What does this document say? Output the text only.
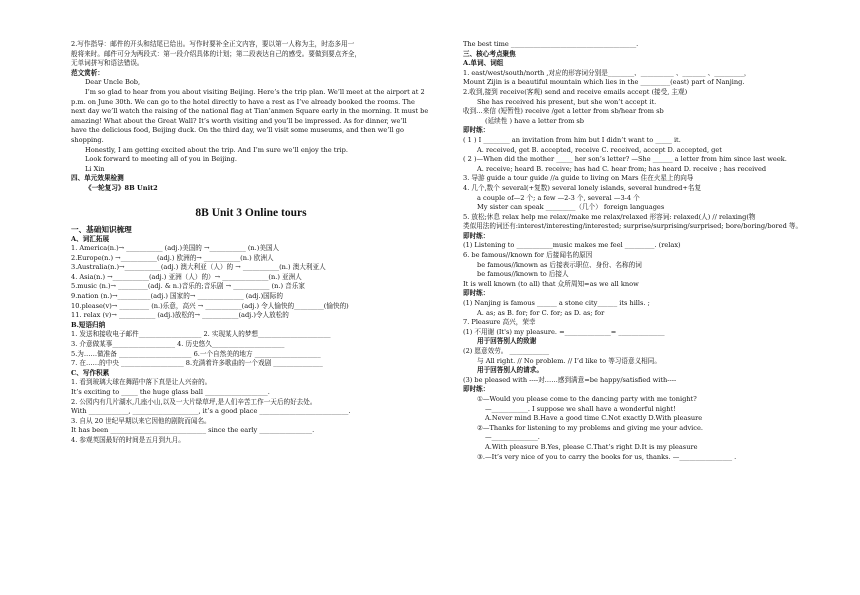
2.写作指导：邮件的开头和结尾已给出。写作时要补全正文内容，要以第一人称为主，时态多用一

般将来时。邮件可分为两段式：第一段介绍具体的计划；第二段表达自己的感受。要做到要点齐全，

无单词拼写和语法错误。

范文赏析：

Dear Uncle Bob,

I’m so glad to hear from you about visiting Beijing. Here’s the trip plan. We’ll meet at the airport at 2

p.m. on June 30th. We can go to the hotel directly to have a rest as I’ve already booked the rooms. The

next day we’ll watch the raising of the national flag at Tian’anmen Square early in the morning. It must be

amazing! What about the Great Wall? It’s worth visiting and you’ll be impressed. As for dinner, we’ll

have the delicious food, Beijing duck. On the third day, we’ll visit some museums, and then we’ll go

shopping.

Honestly, I am getting excited about the trip. And I’m sure we’ll enjoy the trip.

Look forward to meeting all of you in Beijing.

Li Xin

四、单元效果检测

《一轮复习》8B Unit2

8B Unit 3 Online tours

一、基础知识梳理

A、词汇拓展

1. America(n.)→ ___________ (adj.)美国的 →___________ (n.)美国人

2.Europe(n.) →___________(adj.) 欧洲的→ ___________(n.) 欧洲人

3.Australia(n.)→___________(adj.) 澳大利亚（人）的 → ___________(n.) 澳大利亚人

4. Asia(n.) →___________(adj.) 亚洲（人）的）→ ______________(n.) 亚洲人

5.music (n.)→ _________(adj. & n.)音乐的;音乐剧 → ___________ (n.) 音乐家

9.nation (n.)→__________(adj.) 国家的→ ______________ (adj.)国际的

10.please(v)→ _________ (n.)乐意，高兴 → ___________(adj.) 令人愉快的_________(愉快的)

11. relax (v)→ ___________ (adj.)放松的→ ___________(adj.)令人放松的

B.短语归纳

1. 发送和接收电子邮件___________________ 2. 实现某人的梦想______________________

3. 介意做某事___________________ 4. 历史悠久______________________

5.为……做准备 ______________________ 6.一个自然美的地方 ____________________

7. 在……的中央 ___________________ 8.充满着许多歌曲的一个戏剧 _______________

C、写作积累

1. 看到玻璃大球在舞蹈中落下真是让人兴奋的。

It’s exciting to _____ the huge glass ball ___________________.

2. 公园内有几片湖水,几座小山,以及一大片绿草坪,是人们辛苦工作一天后的好去处。

With ____________, ____________________, it’s a good place ___________________________.

3. 自从 20 世纪早期以来它因他的剧院而闻名。

It has been _____________________________ since the early ________________.

4. 参观英国最好的时间是五月到九月。

The best time ______________________________________.

三、核心考点聚焦

A.单词、词组

1. east/west/south/north ,对应的形容词分别是________、__________ 、_______ 、_________，

Mount Zijin is a beautiful mountain which lies in the _________(east) part of Nanjing.

2.收到,接到 receive(客观) send and receive emails accept (接受, 主观)

She has received his present, but she won’t accept it.

收到…来信 (短暂性) receive /get a letter from sb/hear from sb

(延续性 ) have a letter from sb

即时练：

( 1 ) I ________ an invitation from him but I didn’t want to _____ it.

A. received, get B. accepted, receive C. received, accept D. accepted, get

( 2 )—When did the mother _____ her son’s letter? —She ______ a letter from him since last week.

A. receive; heard B. receive; has had C. hear from; has heard D. receive ; has received

3. 导游 guide a tour guide //a guide to living on Mars 住在火星上的向导

4. 几个,数个 several(+复数) several lonely islands, several hundred+名复

a couple of—2 个; a few —2-3 个, several —3-4 个

My sister can speak _________（几个） foreign languages

5. 放松;休息 relax help me relax//make me relax/relaxed 形容词: relaxed(人) // relaxing(物

类似用法的词还有:interest/interesting/interested; surprise/surprising/surprised; bore/boring/bored 等。

即时练：

(1) Listening to ___________music makes me feel _________. (relax)

6. be famous//known for 后接闻名的原因

be famous//known as 后接表示职位、身份、名称的词

be famous//known to 后接人

It is well known (to all) that 众所周知=as we all know

即时练：

(1) Nanjing is famous ______ a stone city______ its hills. ;

A. as; as B. for; for C. for; as D. as; for

7. Pleasure 高兴，荣幸

(1) 不用谢 (It's) my pleasure. =______________= ______________

用于回答别人的致谢

(2) 愿意效劳。 ____________

与 All right. // No problem. // I’d like to 等习语意义相同。

用于回答别人的请求。

(3) be pleased with ----对……感到满意=be happy/satisfied with----

即时练：

①—Would you please come to the dancing party with me tonight?

—___________. I suppose we shall have a wonderful night!

A.Never mind B.Have a good time C.Not exactly D.With pleasure

②—Thanks for listening to my problems and giving me your advice.

—______________.

A.With pleasure B.Yes, please C.That’s right D.It is my pleasure

③.—It’s very nice of you to carry the books for us, thanks. —________________ .
